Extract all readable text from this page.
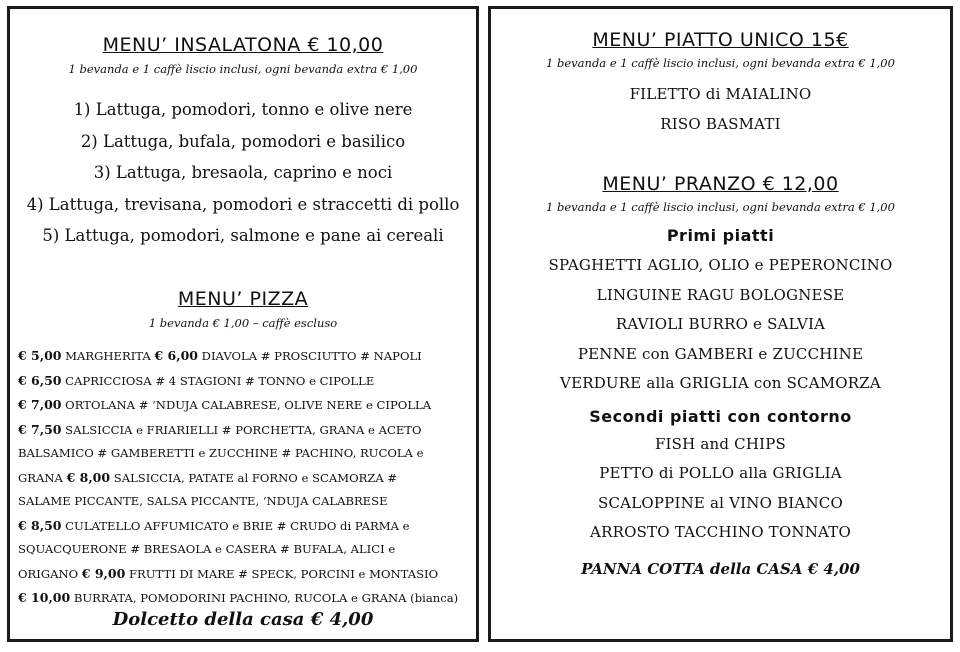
MENU’ INSALATONA € 10,00

1 bevanda e 1 caffè liscio inclusi, ogni bevanda extra € 1,00

1) Lattuga, pomodori, tonno e olive nere
2) Lattuga, bufala, pomodori e basilico
3) Lattuga, bresaola, caprino e noci
4) Lattuga, trevisana, pomodori e straccetti di pollo
5) Lattuga, pomodori, salmone e pane ai cereali
MENU’ PIZZA

1 bevanda € 1,00 – caffè escluso

€ 5,00 MARGHERITA € 6,00 DIAVOLA # PROSCIUTTO # NAPOLI
€ 6,50 CAPRICCIOSA # 4 STAGIONI # TONNO e CIPOLLE
€ 7,00 ORTOLANA # ‘NDUJA CALABRESE, OLIVE NERE e CIPOLLA
€ 7,50 SALSICCIA e FRIARIELLI # PORCHETTA, GRANA e ACETO
BALSAMICO # GAMBERETTI e ZUCCHINE # PACHINO, RUCOLA e
GRANA € 8,00 SALSICCIA, PATATE al FORNO e SCAMORZA #
SALAME PICCANTE, SALSA PICCANTE, ‘NDUJA CALABRESE
€ 8,50 CULATELLO AFFUMICATO e BRIE # CRUDO di PARMA e
SQUACQUERONE # BRESAOLA e CASERA # BUFALA, ALICI e
ORIGANO € 9,00 FRUTTI DI MARE # SPECK, PORCINI e MONTASIO
€ 10,00 BURRATA, POMODORINI PACHINO, RUCOLA e GRANA (bianca)
Dolcetto della casa € 4,00
MENU’ PIATTO UNICO 15€

1 bevanda e 1 caffè liscio inclusi, ogni bevanda extra € 1,00

FILETTO di MAIALINO
RISO BASMATI
MENU’ PRANZO € 12,00

1 bevanda e 1 caffè liscio inclusi, ogni bevanda extra € 1,00

Primi piatti
SPAGHETTI AGLIO, OLIO e PEPERONCINO
LINGUINE RAGU BOLOGNESE
RAVIOLI BURRO e SALVIA
PENNE con GAMBERI e ZUCCHINE
VERDURE alla GRIGLIA con SCAMORZA
Secondi piatti con contorno
FISH and CHIPS
PETTO di POLLO alla GRIGLIA
SCALOPPINE al VINO BIANCO
ARROSTO TACCHINO TONNATO
PANNA COTTA della CASA € 4,00
